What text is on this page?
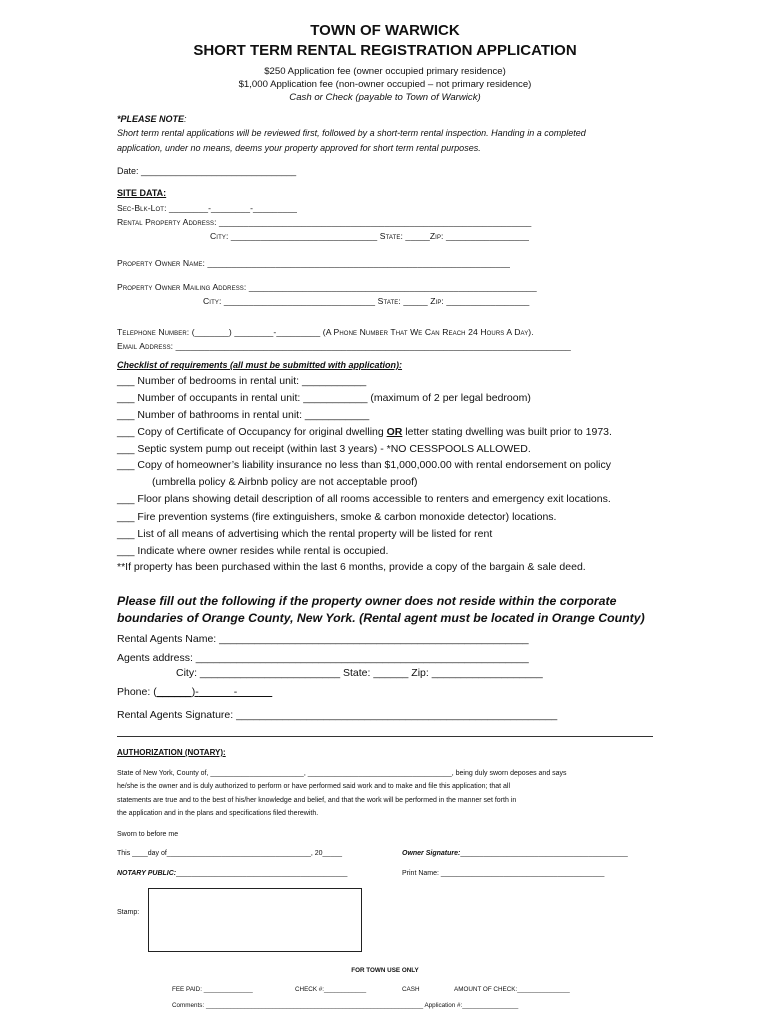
TOWN OF WARWICK
SHORT TERM RENTAL REGISTRATION APPLICATION
$250 Application fee (owner occupied primary residence)
$1,000 Application fee (non-owner occupied – not primary residence)
Cash or Check (payable to Town of Warwick)
*PLEASE NOTE:
Short term rental applications will be reviewed first, followed by a short-term rental inspection. Handing in a completed
application, under no means, deems your property approved for short term rental purposes.
Date: _______________________________
SITE DATA:
Sec-Blk-Lot: ________-________-_________
Rental Property Address: ________________________________________________________________
City: ______________________________ State: _____Zip: _________________
Property Owner Name: ______________________________________________________________
Property Owner Mailing Address: ___________________________________________________________
City: _______________________________ State: _____ Zip: _________________
Telephone Number: (_______) ________-_________ (A Phone Number That We Can Reach 24 Hours A Day).
Email Address: _________________________________________________________________________________
Checklist of requirements (all must be submitted with application):
___ Number of bedrooms in rental unit: ___________
___ Number of occupants in rental unit: ___________ (maximum of 2 per legal bedroom)
___ Number of bathrooms in rental unit: ___________
___ Copy of Certificate of Occupancy for original dwelling OR letter stating dwelling was built prior to 1973.
___ Septic system pump out receipt (within last 3 years) - *NO CESSPOOLS ALLOWED.
___ Copy of homeowner’s liability insurance no less than $1,000,000.00 with rental endorsement on policy
(umbrella policy & Airbnb policy are not acceptable proof)
___ Floor plans showing detail description of all rooms accessible to renters and emergency exit locations.
___ Fire prevention systems (fire extinguishers, smoke & carbon monoxide detector) locations.
___ List of all means of advertising which the rental property will be listed for rent
___ Indicate where owner resides while rental is occupied.
**If property has been purchased within the last 6 months, provide a copy of the bargain & sale deed.
Please fill out the following if the property owner does not reside within the corporate
boundaries of Orange County, New York. (Rental agent must be located in Orange County)
Rental Agents Name: _____________________________________________________
Agents address: _________________________________________________________
City: ________________________ State: ______ Zip: ___________________
Phone: (______)-            -
Rental Agents Signature: _______________________________________________________
AUTHORIZATION (NOTARY):
State of New York, County of, ________________________, _____________________________________, being duly sworn deposes and says
he/she is the owner and is duly authorized to perform or have performed said work and to make and file this application; that all
statements are true and to the best of his/her knowledge and belief, and that the work will be performed in the manner set forth in
the application and in the plans and specifications filed therewith.
Sworn to before me
This ____day of_____________________________________, 20_____	Owner Signature:___________________________________________
NOTARY PUBLIC:____________________________________________	Print Name: __________________________________________
Stamp:
FOR TOWN USE ONLY
FEE PAID: ______________	CHECK #:____________	CASH	AMOUNT OF CHECK:_______________
Comments: ______________________________________________________________ Application #:________________
